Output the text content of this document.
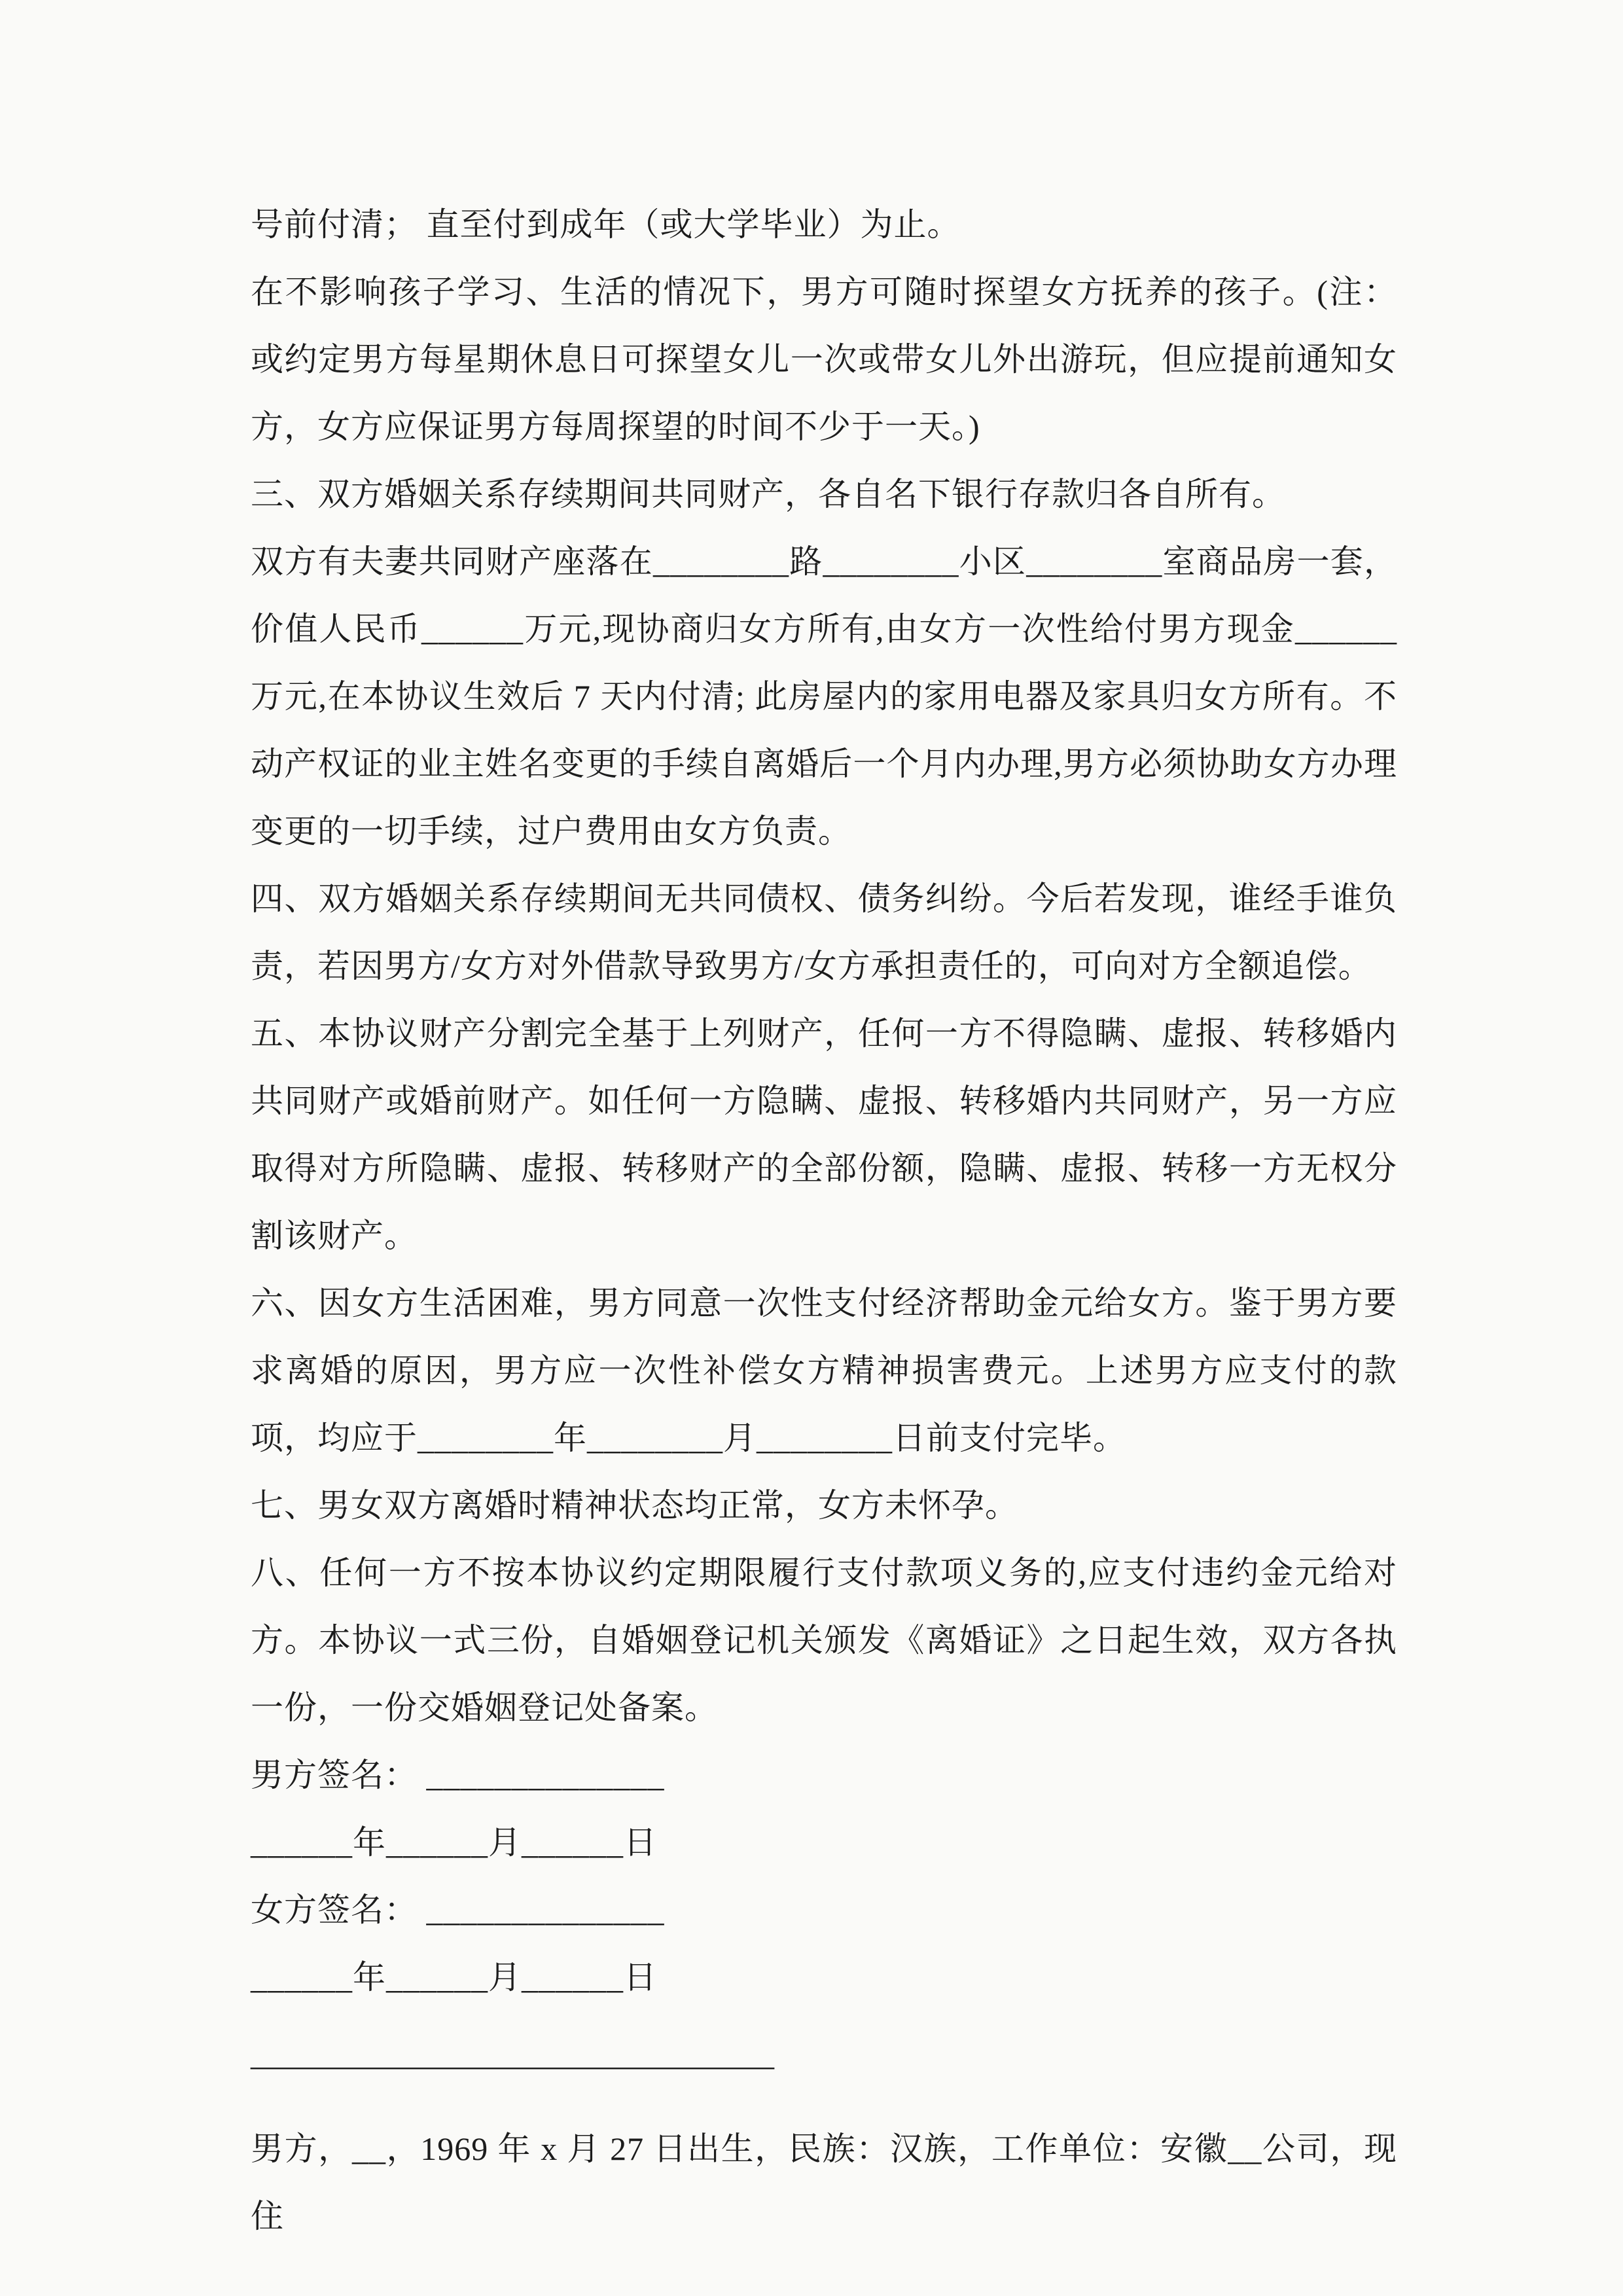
号前付清； 直至付到成年（或大学毕业）为止。

在不影响孩子学习、生活的情况下，男方可随时探望女方抚养的孩子。(注： 或约定男方每星期休息日可探望女儿一次或带女儿外出游玩，但应提前通知女方，女方应保证男方每周探望的时间不少于一天。)

三、双方婚姻关系存续期间共同财产，各自名下银行存款归各自所有。

双方有夫妻共同财产座落在________路________小区________室商品房一套，价值人民币______万元,现协商归女方所有,由女方一次性给付男方现金______万元,在本协议生效后 7 天内付清; 此房屋内的家用电器及家具归女方所有。不动产权证的业主姓名变更的手续自离婚后一个月内办理,男方必须协助女方办理变更的一切手续，过户费用由女方负责。

四、双方婚姻关系存续期间无共同债权、债务纠纷。今后若发现，谁经手谁负责，若因男方/女方对外借款导致男方/女方承担责任的，可向对方全额追偿。

五、本协议财产分割完全基于上列财产，任何一方不得隐瞒、虚报、转移婚内共同财产或婚前财产。如任何一方隐瞒、虚报、转移婚内共同财产，另一方应取得对方所隐瞒、虚报、转移财产的全部份额，隐瞒、虚报、转移一方无权分割该财产。

六、因女方生活困难，男方同意一次性支付经济帮助金元给女方。鉴于男方要求离婚的原因，男方应一次性补偿女方精神损害费元。上述男方应支付的款项，均应于________年________月________日前支付完毕。

七、男女双方离婚时精神状态均正常，女方未怀孕。

八、任何一方不按本协议约定期限履行支付款项义务的,应支付违约金元给对方。本协议一式三份，自婚姻登记机关颁发《离婚证》之日起生效，双方各执一份，一份交婚姻登记处备案。

男方签名： ______________

______年______月______日

女方签名： ______________

______年______月______日

________________________________

男方，__，1969 年 x 月 27 日出生，民族：汉族，工作单位：安徽__公司，现住
